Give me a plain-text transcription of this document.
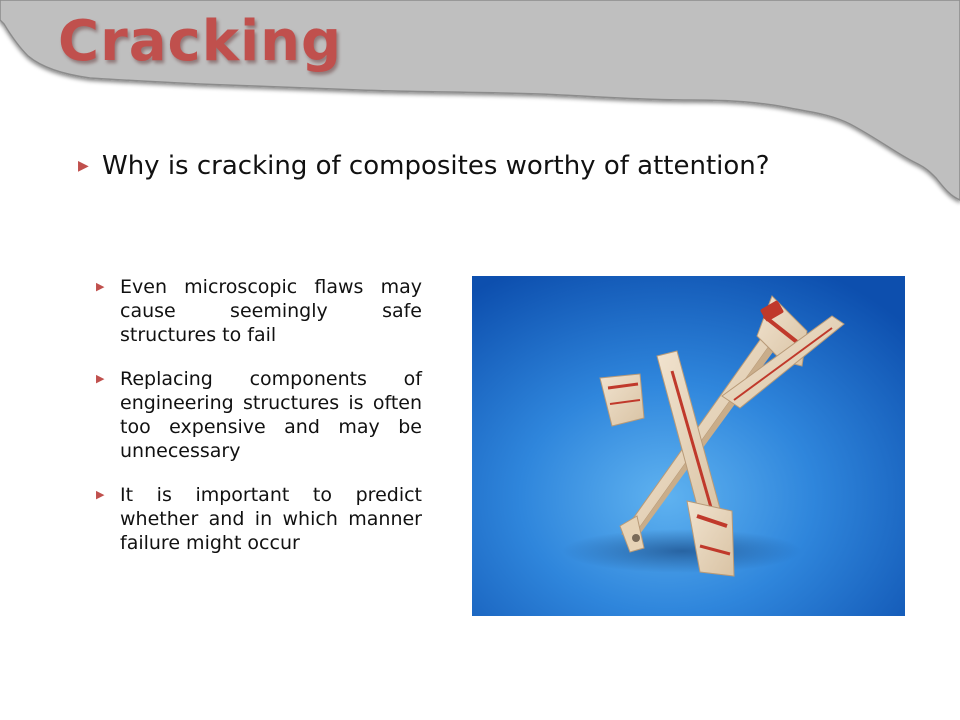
Cracking
▶ Why is cracking of composites worthy of attention?
▶ Even microscopic flaws may cause seemingly safe structures to fail
▶ Replacing components of engineering structures is often too expensive and may be unnecessary
▶ It is important to predict whether and in which manner failure might occur
